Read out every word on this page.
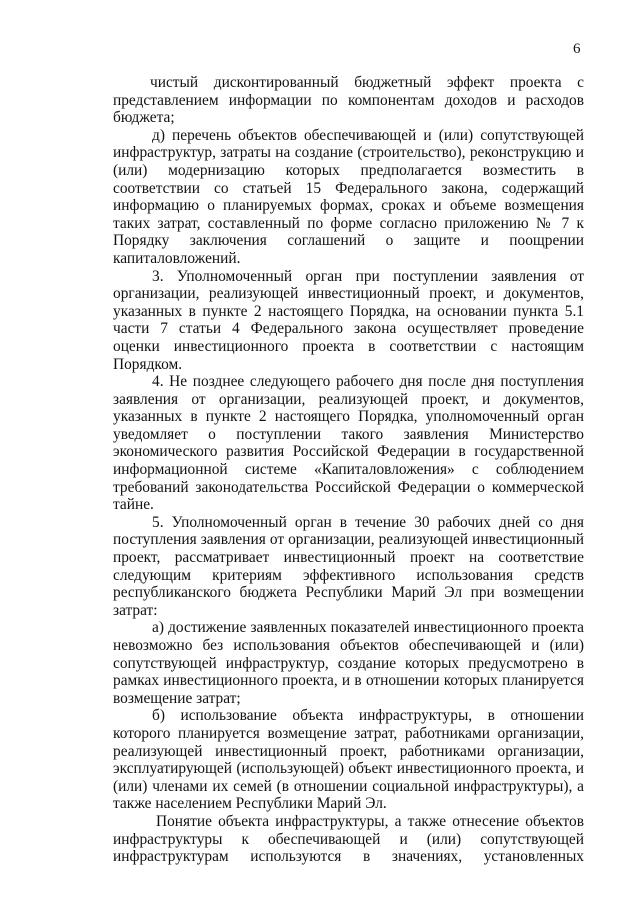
6

чистый дисконтированный бюджетный эффект проекта с представлением информации по компонентам доходов и расходов бюджета;

д) перечень объектов обеспечивающей и (или) сопутствующей инфраструктур, затраты на создание (строительство), реконструкцию и (или) модернизацию которых предполагается возместить в соответствии со статьей 15 Федерального закона, содержащий информацию о планируемых формах, сроках и объеме возмещения таких затрат, составленный по форме согласно приложению № 7 к Порядку заключения соглашений о защите и поощрении капиталовложений.

3. Уполномоченный орган при поступлении заявления от организации, реализующей инвестиционный проект, и документов, указанных в пункте 2 настоящего Порядка, на основании пункта 5.1 части 7 статьи 4 Федерального закона осуществляет проведение оценки инвестиционного проекта в соответствии с настоящим Порядком.

4. Не позднее следующего рабочего дня после дня поступления заявления от организации, реализующей проект, и документов, указанных в пункте 2 настоящего Порядка, уполномоченный орган уведомляет о поступлении такого заявления Министерство экономического развития Российской Федерации в государственной информационной системе «Капиталовложения» с соблюдением требований законодательства Российской Федерации о коммерческой тайне.

5. Уполномоченный орган в течение 30 рабочих дней со дня поступления заявления от организации, реализующей инвестиционный проект, рассматривает инвестиционный проект на соответствие следующим критериям эффективного использования средств республиканского бюджета Республики Марий Эл при возмещении затрат:

а) достижение заявленных показателей инвестиционного проекта невозможно без использования объектов обеспечивающей и (или) сопутствующей инфраструктур, создание которых предусмотрено в рамках инвестиционного проекта, и в отношении которых планируется возмещение затрат;

б) использование объекта инфраструктуры, в отношении которого планируется возмещение затрат, работниками организации, реализующей инвестиционный проект, работниками организации, эксплуатирующей (использующей) объект инвестиционного проекта, и (или) членами их семей (в отношении социальной инфраструктуры), а также населением Республики Марий Эл.

Понятие объекта инфраструктуры, а также отнесение объектов инфраструктуры к обеспечивающей и (или) сопутствующей инфраструктурам используются в значениях, установленных
